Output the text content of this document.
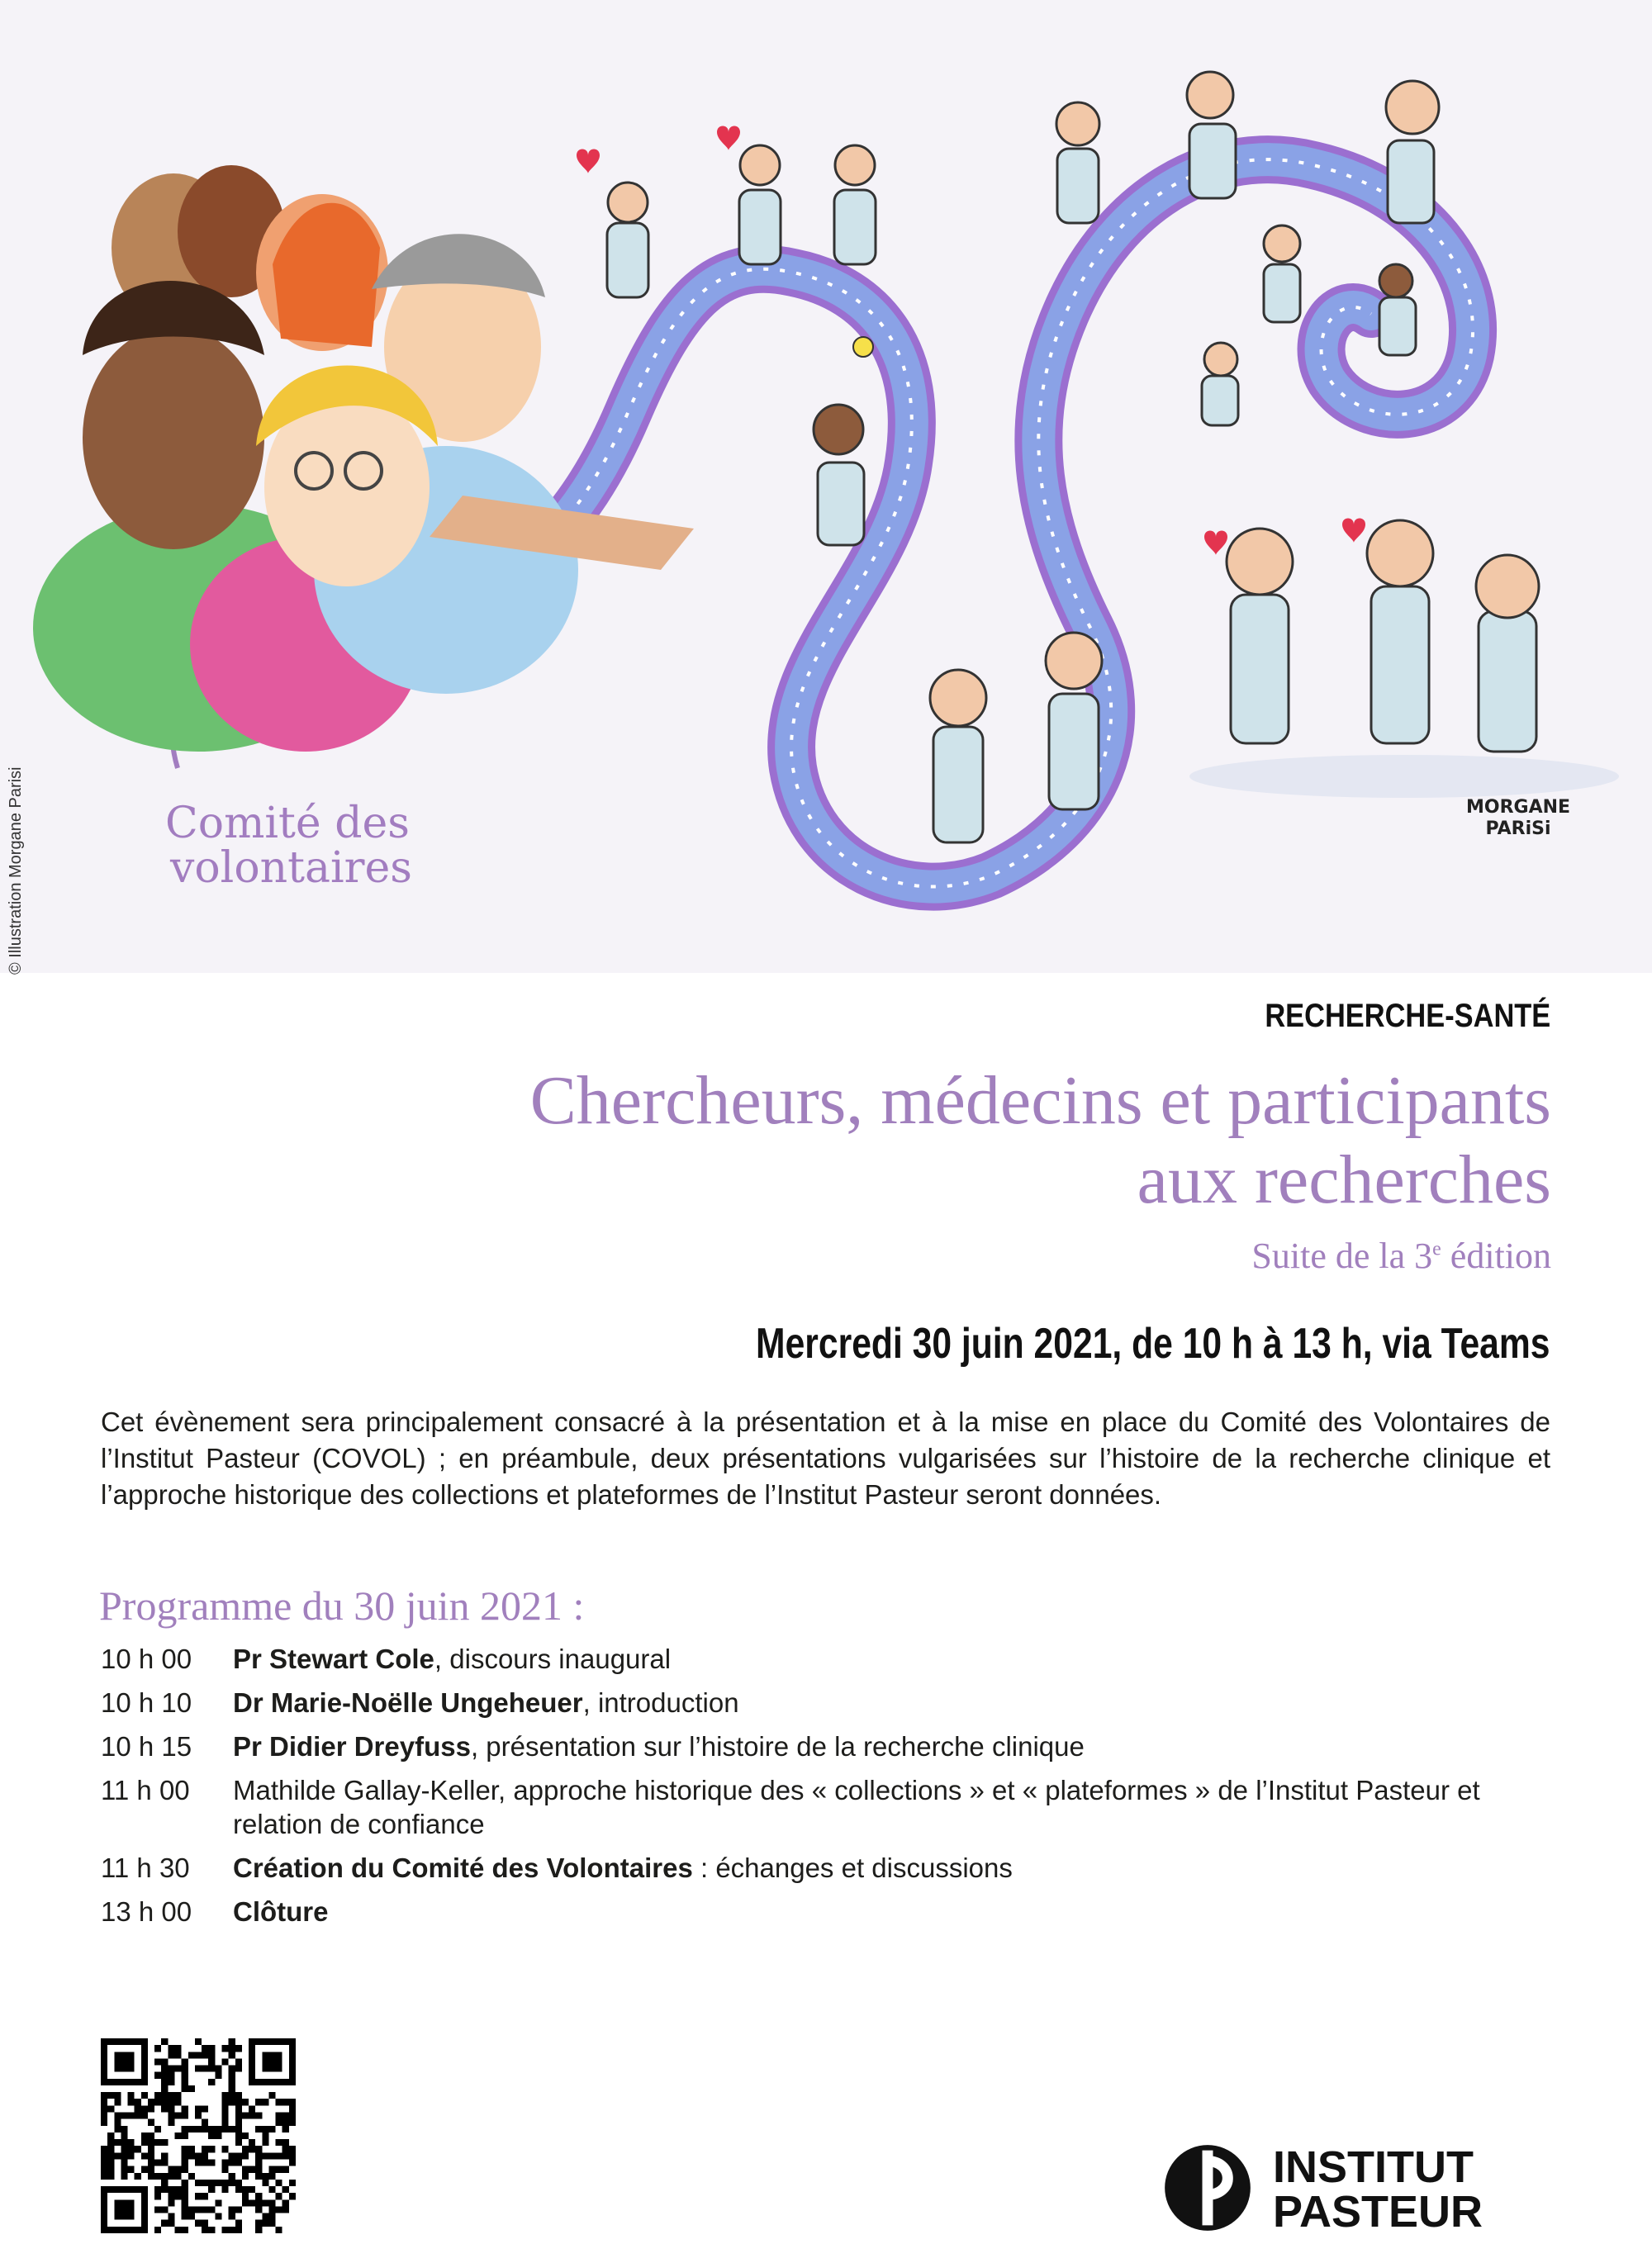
Comité des
volontaires
MORGANE
PARiSi
© Illustration Morgane Parisi
RECHERCHE-SANTÉ
Chercheurs, médecins et participants aux recherches
Suite de la 3e édition
Mercredi 30 juin 2021, de 10 h à 13 h, via Teams
Cet évènement sera principalement consacré à la présentation et à la mise en place du Comité des Volontaires de l’Institut Pasteur (COVOL) ; en préambule, deux présentations vulgarisées sur l’histoire de la recherche clinique et l’approche historique des collections et plateformes de l’Institut Pasteur seront données.
Programme du 30 juin 2021 :
10 h 00	Pr Stewart Cole, discours inaugural
10 h 10	Dr Marie-Noëlle Ungeheuer, introduction
10 h 15	Pr Didier Dreyfuss, présentation sur l’histoire de la recherche clinique
11 h 00	Mathilde Gallay-Keller, approche historique des « collections » et « plateformes » de l’Institut Pasteur et relation de confiance
11 h 30	Création du Comité des Volontaires : échanges et discussions
13 h 00	Clôture
INSTITUT
PASTEUR
